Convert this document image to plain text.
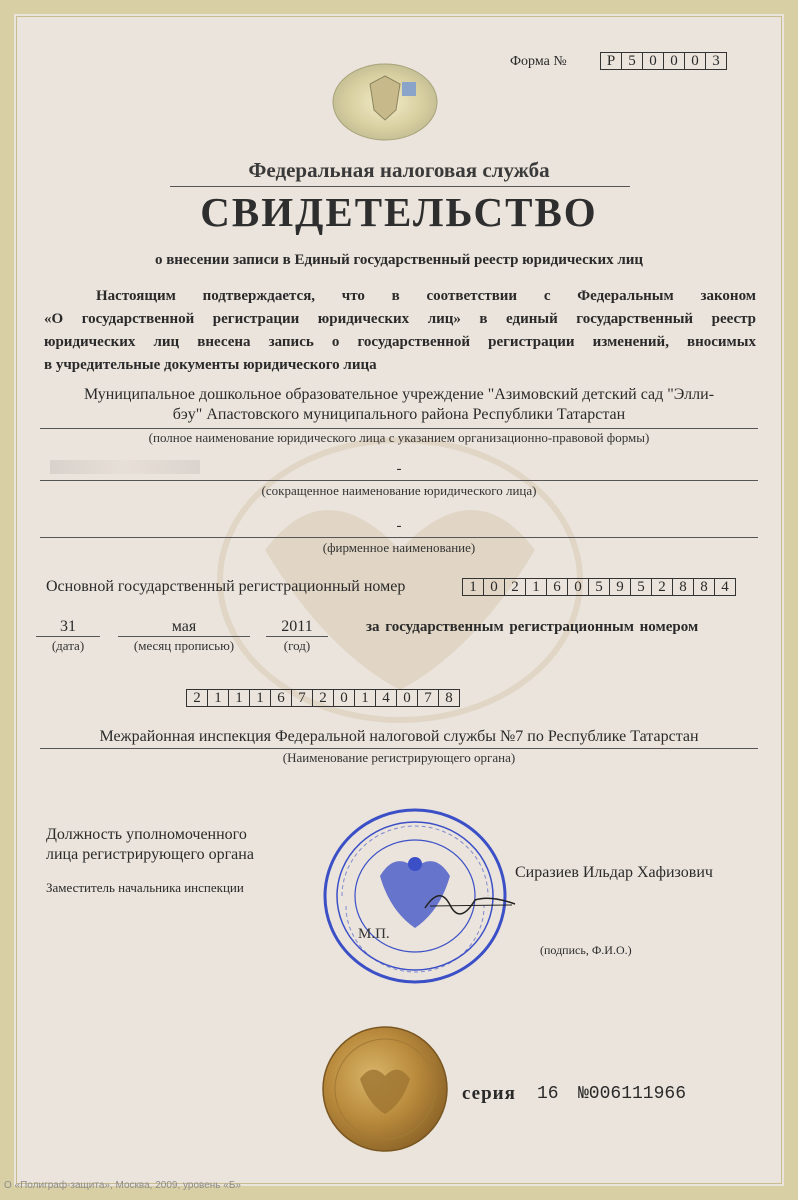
Форма №	Р 5 0 0 0 3
Федеральная налоговая служба
СВИДЕТЕЛЬСТВО
о внесении записи в Единый государственный реестр юридических лиц
Настоящим подтверждается, что в соответствии с Федеральным законом
«О государственной регистрации юридических лиц» в единый государственный реестр
юридических лиц внесена запись о государственной регистрации изменений, вносимых
в учредительные документы юридического лица
Муниципальное дошкольное образовательное учреждение "Азимовский детский сад "Элли-
бэу" Апастовского муниципального района Республики Татарстан
(полное наименование юридического лица с указанием организационно-правовой формы)
-
(сокращенное наименование юридического лица)
-
(фирменное наименование)
Основной государственный регистрационный номер	1 0 2 1 6 0 5 9 5 2 8 8 4
31
(дата)
мая
(месяц прописью)
2011
(год)
за государственным регистрационным номером
2 1 1 1 6 7 2 0 1 4 0 7 8
Межрайонная инспекция Федеральной налоговой службы №7 по Республике Татарстан
(Наименование регистрирующего органа)
Должность уполномоченного
лица регистрирующего органа
Заместитель начальника инспекции
М.П.
Сиразиев Ильдар Хафизович
(подпись, Ф.И.О.)
серия 16 №006111966
О «Полиграф-защита», Москва, 2009, уровень «Б»
